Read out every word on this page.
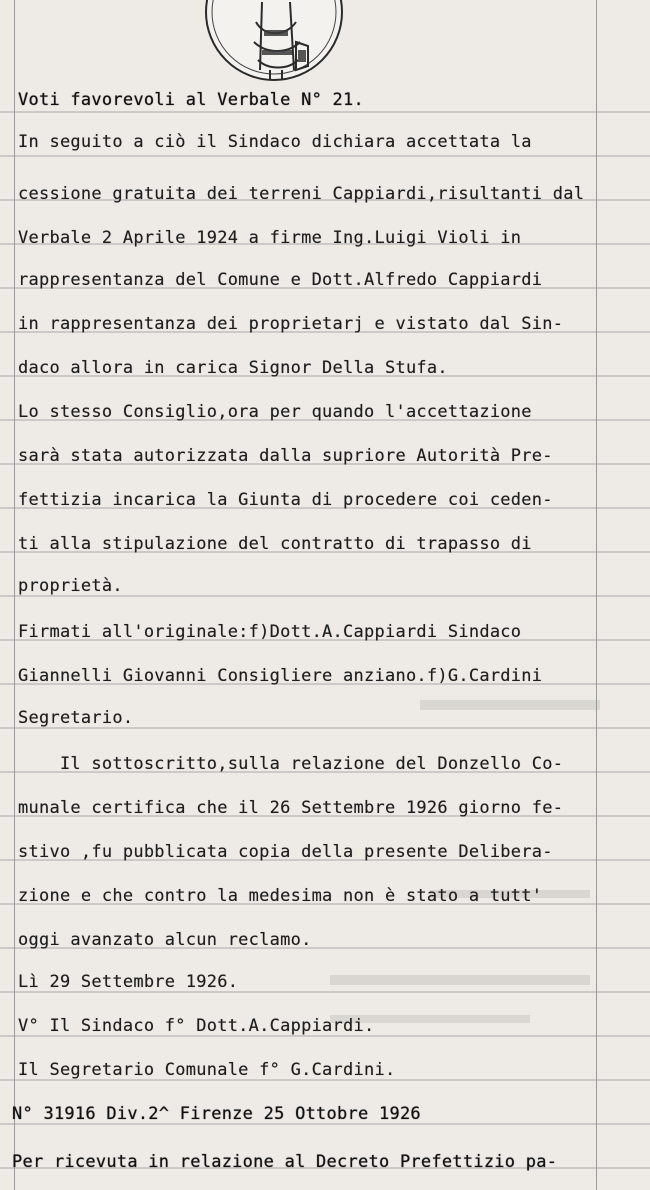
Voti favorevoli al Verbale N° 21.
In seguito a ciò il Sindaco dichiara accettata la
cessione gratuita dei terreni Cappiardi,risultanti dal
Verbale 2 Aprile 1924 a firme Ing.Luigi Violi in
rappresentanza del Comune e Dott.Alfredo Cappiardi
in rappresentanza dei proprietarj e vistato dal Sin-
daco allora in carica Signor Della Stufa.
Lo stesso Consiglio,ora per quando l'accettazione
sarà stata autorizzata dalla supriore Autorità Pre-
fettizia incarica la Giunta di procedere coi ceden-
ti alla stipulazione del contratto di trapasso di
proprietà.
Firmati all'originale:f)Dott.A.Cappiardi Sindaco
Giannelli Giovanni Consigliere anziano.f)G.Cardini
Segretario.
Il sottoscritto,sulla relazione del Donzello Co-
munale certifica che il 26 Settembre 1926 giorno fe-
stivo ,fu pubblicata copia della presente Delibera-
zione e che contro la medesima non è stato a tutt'
oggi avanzato alcun reclamo.
Lì 29 Settembre 1926.
V° Il Sindaco f° Dott.A.Cappiardi.
Il Segretario Comunale f° G.Cardini.
N° 31916 Div.2^ Firenze 25 Ottobre 1926
Per ricevuta in relazione al Decreto Prefettizio pa-
